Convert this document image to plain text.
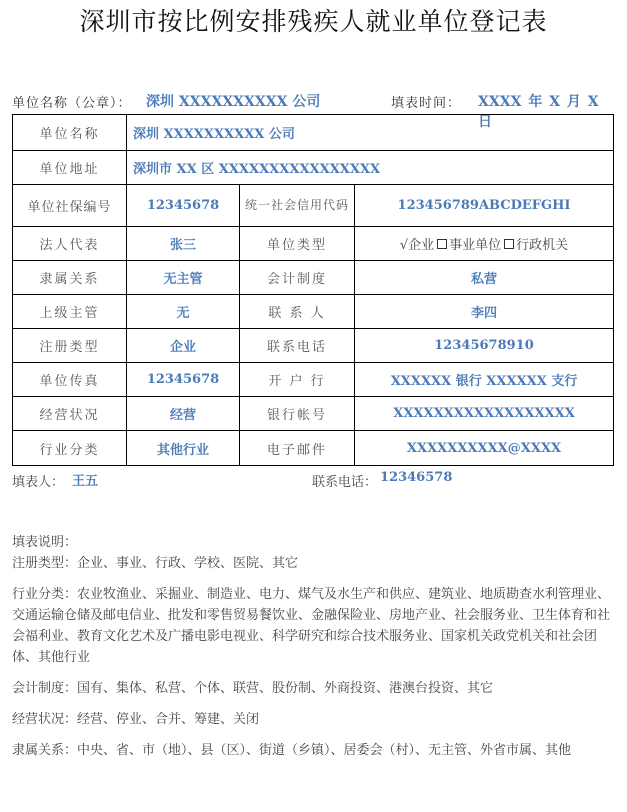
深圳市按比例安排残疾人就业单位登记表
单位名称（公章）： 深圳 XXXXXXXXXX 公司	填表时间： XXXX 年 X 月 X 日
单位名称	深圳 XXXXXXXXXX 公司		
单位地址	深圳市 XX 区 XXXXXXXXXXXXXXXX		
单位社保编号	12345678	统一社会信用代码	123456789ABCDEFGHI
法人代表	张三	单位类型	√企业 事业单位 行政机关
隶属关系	无主管	会计制度	私营
上级主管	无	联 系 人	李四
注册类型	企业	联系电话	12345678910
单位传真	12345678	开 户 行	XXXXXX 银行 XXXXXX 支行
经营状况	经营	银行帐号	XXXXXXXXXXXXXXXXXX
行业分类	其他行业	电子邮件	XXXXXXXXXX@XXXX
填表人： 王五	联系电话： 12346578

填表说明：

注册类型：企业、事业、行政、学校、医院、其它

行业分类：农业牧渔业、采掘业、制造业、电力、煤气及水生产和供应、建筑业、地质勘查水利管理业、交通运输仓储及邮电信业、批发和零售贸易餐饮业、金融保险业、房地产业、社会服务业、卫生体育和社会福利业、教育文化艺术及广播电影电视业、科学研究和综合技术服务业、国家机关政党机关和社会团体、其他行业

会计制度：国有、集体、私营、个体、联营、股份制、外商投资、港澳台投资、其它

经营状况：经营、停业、合并、筹建、关闭

隶属关系：中央、省、市（地）、县（区）、街道（乡镇）、居委会（村）、无主管、外省市属、其他
